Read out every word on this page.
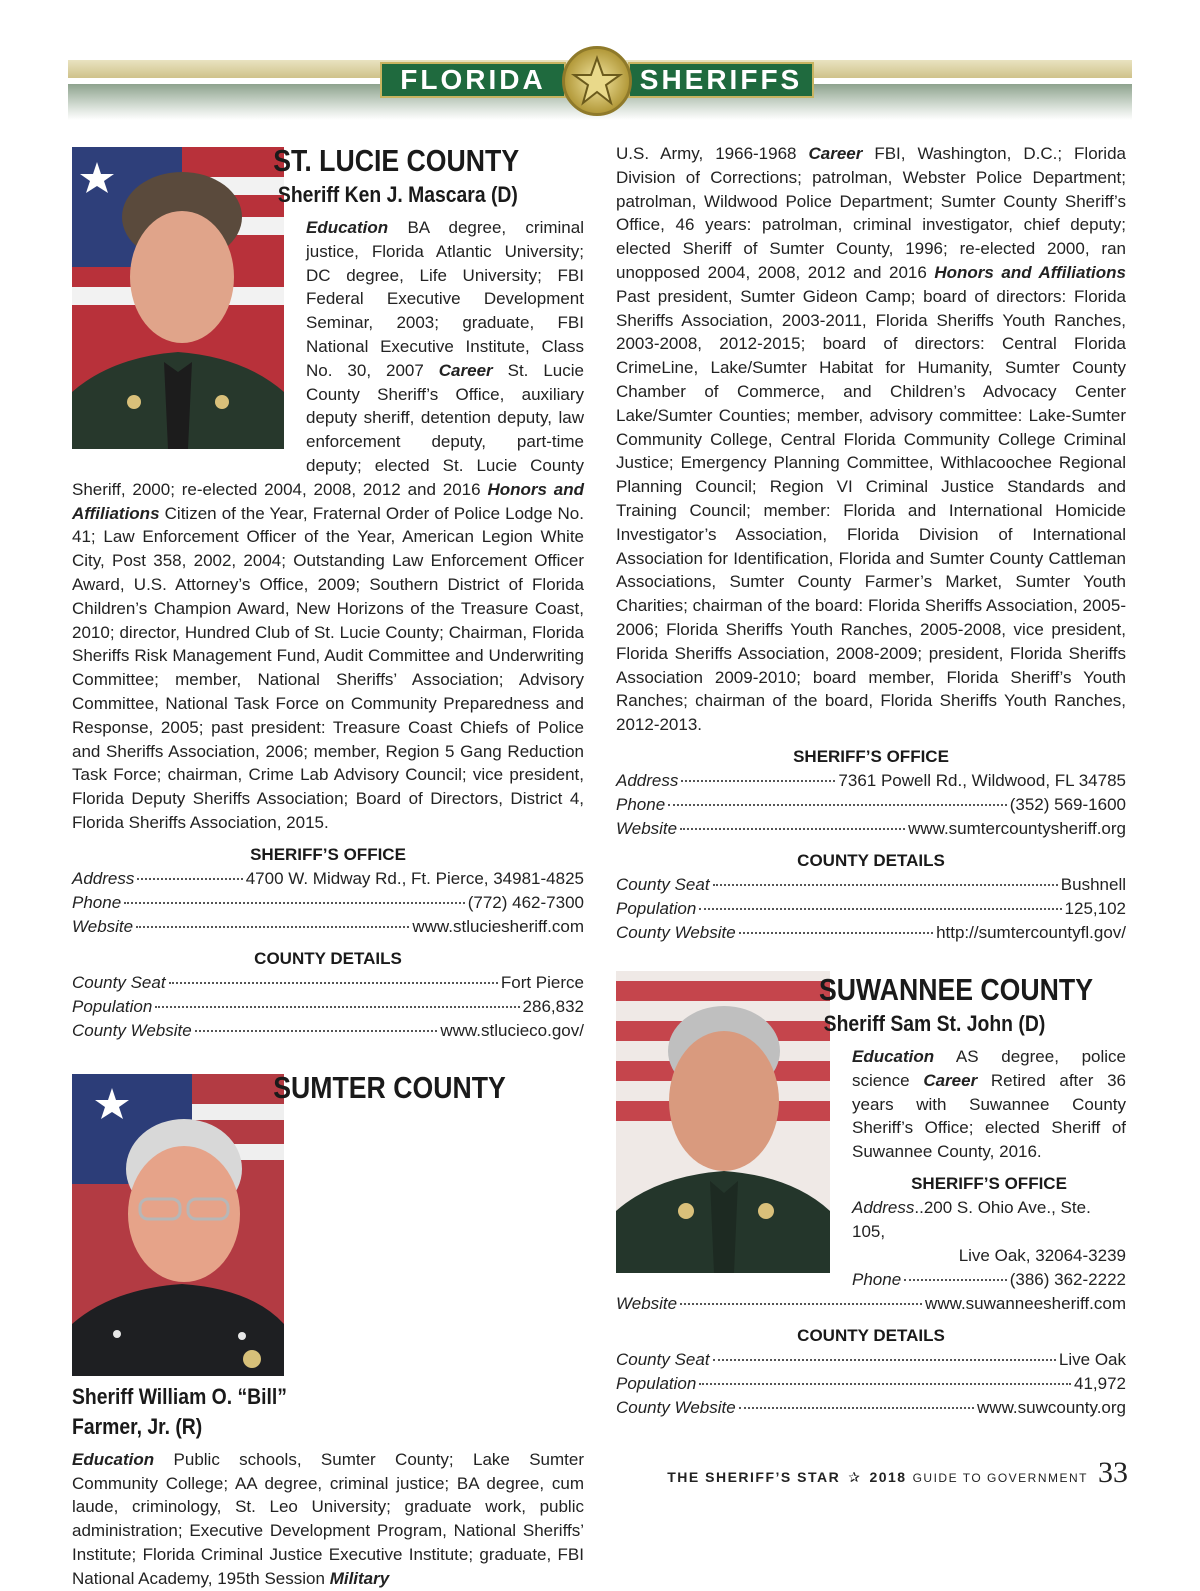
FLORIDA	SHERIFFS
ST. LUCIE COUNTY
Sheriff Ken J. Mascara (D)

Education BA degree, criminal justice, Florida Atlantic University; DC degree, Life University; FBI Federal Executive Development Seminar, 2003; graduate, FBI National Executive Institute, Class No. 30, 2007 Career St. Lucie County Sheriff’s Office, auxiliary deputy sheriff, detention deputy, law enforcement deputy, part-time deputy; elected St. Lucie County Sheriff, 2000; re-elected 2004, 2008, 2012 and 2016 Honors and Affiliations Citizen of the Year, Fraternal Order of Police Lodge No. 41; Law Enforcement Officer of the Year, American Legion White City, Post 358, 2002, 2004; Outstanding Law Enforcement Officer Award, U.S. Attorney’s Office, 2009; Southern District of Florida Children’s Champion Award, New Horizons of the Treasure Coast, 2010; director, Hundred Club of St. Lucie County; Chairman, Florida Sheriffs Risk Management Fund, Audit Committee and Underwriting Committee; member, National Sheriffs’ Association; Advisory Committee, National Task Force on Community Preparedness and Response, 2005; past president: Treasure Coast Chiefs of Police and Sheriffs Association, 2006; member, Region 5 Gang Reduction Task Force; chairman, Crime Lab Advisory Council; vice president, Florida Deputy Sheriffs Association; Board of Directors, District 4, Florida Sheriffs Association, 2015.

SHERIFF’S OFFICE
Address	4700 W. Midway Rd., Ft. Pierce, 34981-4825
Phone	(772) 462-7300
Website	www.stluciesheriff.com
COUNTY DETAILS
County Seat	Fort Pierce
Population	286,832
County Website	www.stlucieco.gov/
SUMTER COUNTY
Sheriff William O. “Bill” Farmer, Jr. (R)

Education Public schools, Sumter County; Lake Sumter Community College; AA degree, criminal justice; BA degree, cum laude, criminology, St. Leo University; graduate work, public administration; Executive Development Program, National Sheriffs’ Institute; Florida Criminal Justice Executive Institute; graduate, FBI National Academy, 195th Session Military

U.S. Army, 1966-1968 Career FBI, Washington, D.C.; Florida Division of Corrections; patrolman, Webster Police Department; patrolman, Wildwood Police Department; Sumter County Sheriff’s Office, 46 years: patrolman, criminal investigator, chief deputy; elected Sheriff of Sumter County, 1996; re-elected 2000, ran unopposed 2004, 2008, 2012 and 2016 Honors and Affiliations Past president, Sumter Gideon Camp; board of directors: Florida Sheriffs Association, 2003-2011, Florida Sheriffs Youth Ranches, 2003-2008, 2012-2015; board of directors: Central Florida CrimeLine, Lake/Sumter Habitat for Humanity, Sumter County Chamber of Commerce, and Children’s Advocacy Center Lake/Sumter Counties; member, advisory committee: Lake-Sumter Community College, Central Florida Community College Criminal Justice; Emergency Planning Committee, Withlacoochee Regional Planning Council; Region VI Criminal Justice Standards and Training Council; member: Florida and International Homicide Investigator’s Association, Florida Division of International Association for Identification, Florida and Sumter County Cattleman Associations, Sumter County Farmer’s Market, Sumter Youth Charities; chairman of the board: Florida Sheriffs Association, 2005-2006; Florida Sheriffs Youth Ranches, 2005-2008, vice president, Florida Sheriffs Association, 2008-2009; president, Florida Sheriffs Association 2009-2010; board member, Florida Sheriff’s Youth Ranches; chairman of the board, Florida Sheriffs Youth Ranches, 2012-2013.

SHERIFF’S OFFICE
Address	7361 Powell Rd., Wildwood, FL 34785
Phone	(352) 569-1600
Website	www.sumtercountysheriff.org
COUNTY DETAILS
County Seat	Bushnell
Population	125,102
County Website	http://sumtercountyfl.gov/
SUWANNEE COUNTY
Sheriff Sam St. John (D)

Education AS degree, police science Career Retired after 36 years with Suwannee County Sheriff’s Office; elected Sheriff of Suwannee County, 2016.

SHERIFF’S OFFICE
Address..200 S. Ohio Ave., Ste. 105,
Live Oak, 32064-3239
Phone	(386) 362-2222
Website	www.suwanneesheriff.com
COUNTY DETAILS
County Seat	Live Oak
Population	41,972
County Website	www.suwcounty.org
THE SHERIFF’S STAR ✰ 2018 GUIDE TO GOVERNMENT 33
